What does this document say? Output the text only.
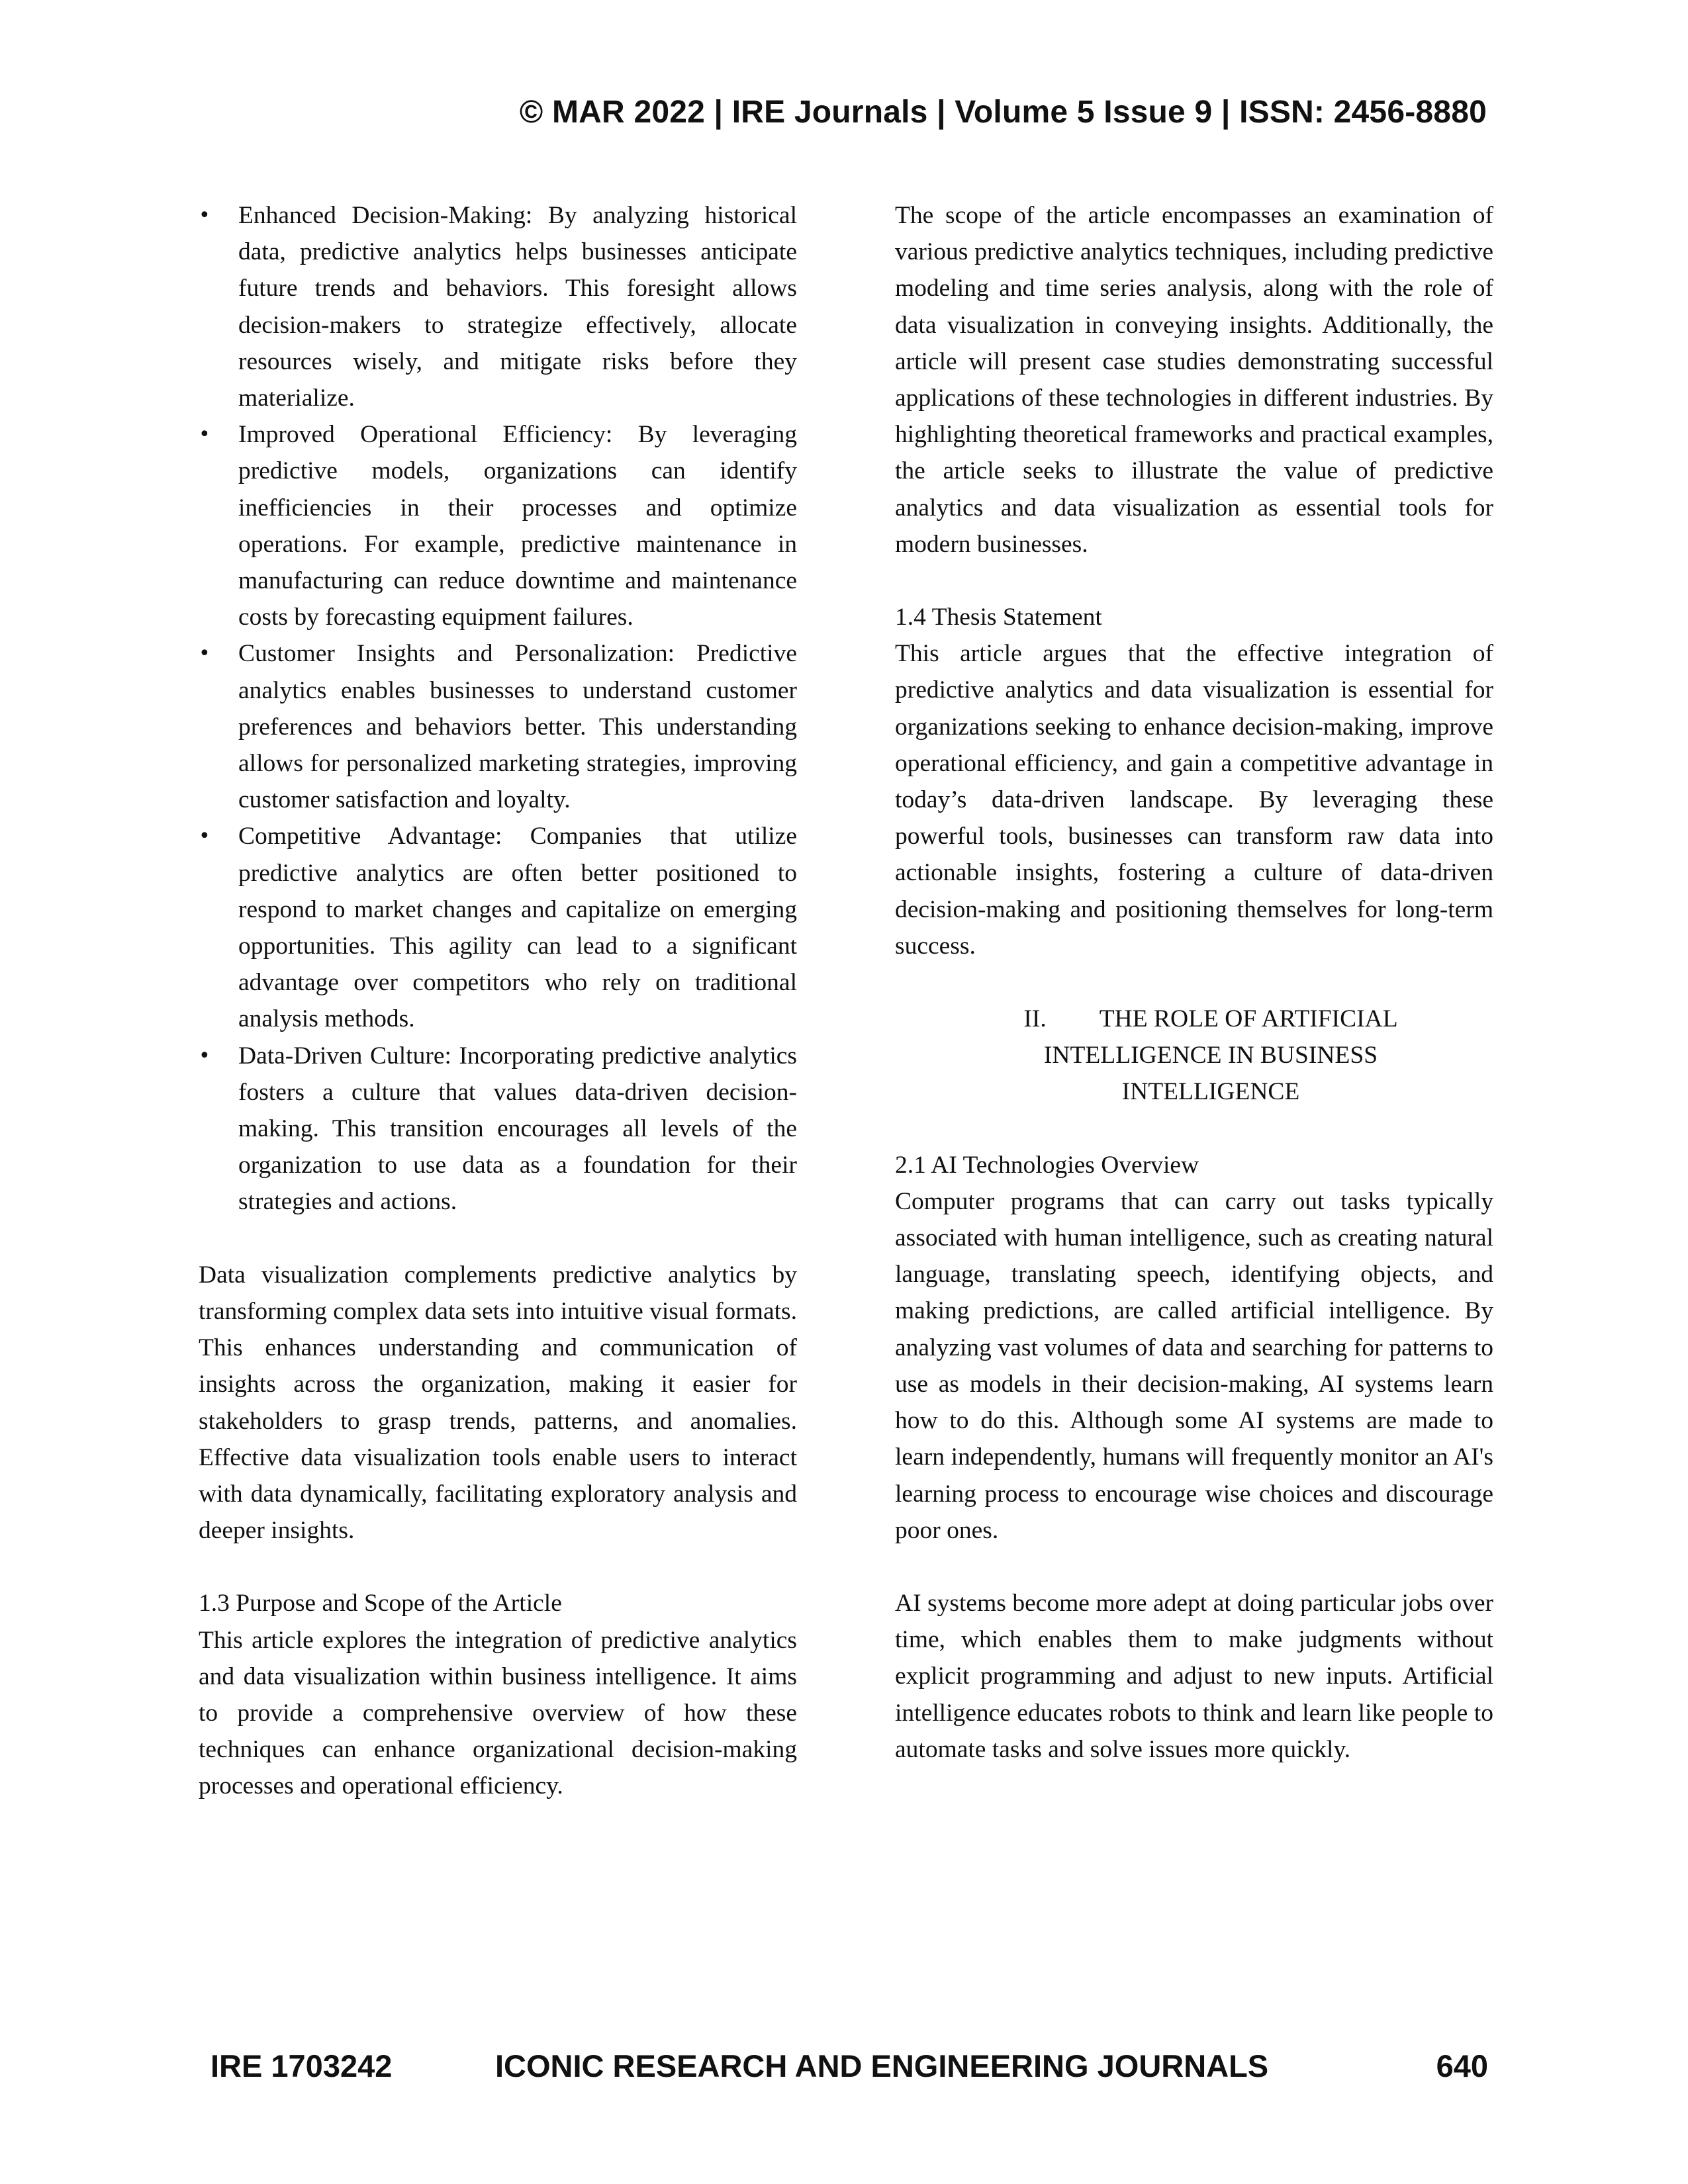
© MAR 2022 | IRE Journals | Volume 5 Issue 9 | ISSN: 2456-8880
• Enhanced Decision-Making: By analyzing historical data, predictive analytics helps businesses anticipate future trends and behaviors. This foresight allows decision-makers to strategize effectively, allocate resources wisely, and mitigate risks before they materialize.
• Improved Operational Efficiency: By leveraging predictive models, organizations can identify inefficiencies in their processes and optimize operations. For example, predictive maintenance in manufacturing can reduce downtime and maintenance costs by forecasting equipment failures.
• Customer Insights and Personalization: Predictive analytics enables businesses to understand customer preferences and behaviors better. This understanding allows for personalized marketing strategies, improving customer satisfaction and loyalty.
• Competitive Advantage: Companies that utilize predictive analytics are often better positioned to respond to market changes and capitalize on emerging opportunities. This agility can lead to a significant advantage over competitors who rely on traditional analysis methods.
• Data-Driven Culture: Incorporating predictive analytics fosters a culture that values data-driven decision-making. This transition encourages all levels of the organization to use data as a foundation for their strategies and actions.

Data visualization complements predictive analytics by transforming complex data sets into intuitive visual formats. This enhances understanding and communication of insights across the organization, making it easier for stakeholders to grasp trends, patterns, and anomalies. Effective data visualization tools enable users to interact with data dynamically, facilitating exploratory analysis and deeper insights.

1.3 Purpose and Scope of the Article

This article explores the integration of predictive analytics and data visualization within business intelligence. It aims to provide a comprehensive overview of how these techniques can enhance organizational decision-making processes and operational efficiency.

The scope of the article encompasses an examination of various predictive analytics techniques, including predictive modeling and time series analysis, along with the role of data visualization in conveying insights. Additionally, the article will present case studies demonstrating successful applications of these technologies in different industries. By highlighting theoretical frameworks and practical examples, the article seeks to illustrate the value of predictive analytics and data visualization as essential tools for modern businesses.

1.4 Thesis Statement

This article argues that the effective integration of predictive analytics and data visualization is essential for organizations seeking to enhance decision-making, improve operational efficiency, and gain a competitive advantage in today’s data-driven landscape. By leveraging these powerful tools, businesses can transform raw data into actionable insights, fostering a culture of data-driven decision-making and positioning themselves for long-term success.

II. THE ROLE OF ARTIFICIAL
INTELLIGENCE IN BUSINESS
INTELLIGENCE

2.1 AI Technologies Overview

Computer programs that can carry out tasks typically associated with human intelligence, such as creating natural language, translating speech, identifying objects, and making predictions, are called artificial intelligence. By analyzing vast volumes of data and searching for patterns to use as models in their decision-making, AI systems learn how to do this. Although some AI systems are made to learn independently, humans will frequently monitor an AI's learning process to encourage wise choices and discourage poor ones.

AI systems become more adept at doing particular jobs over time, which enables them to make judgments without explicit programming and adjust to new inputs. Artificial intelligence educates robots to think and learn like people to automate tasks and solve issues more quickly.

IRE 1703242	ICONIC RESEARCH AND ENGINEERING JOURNALS	640
